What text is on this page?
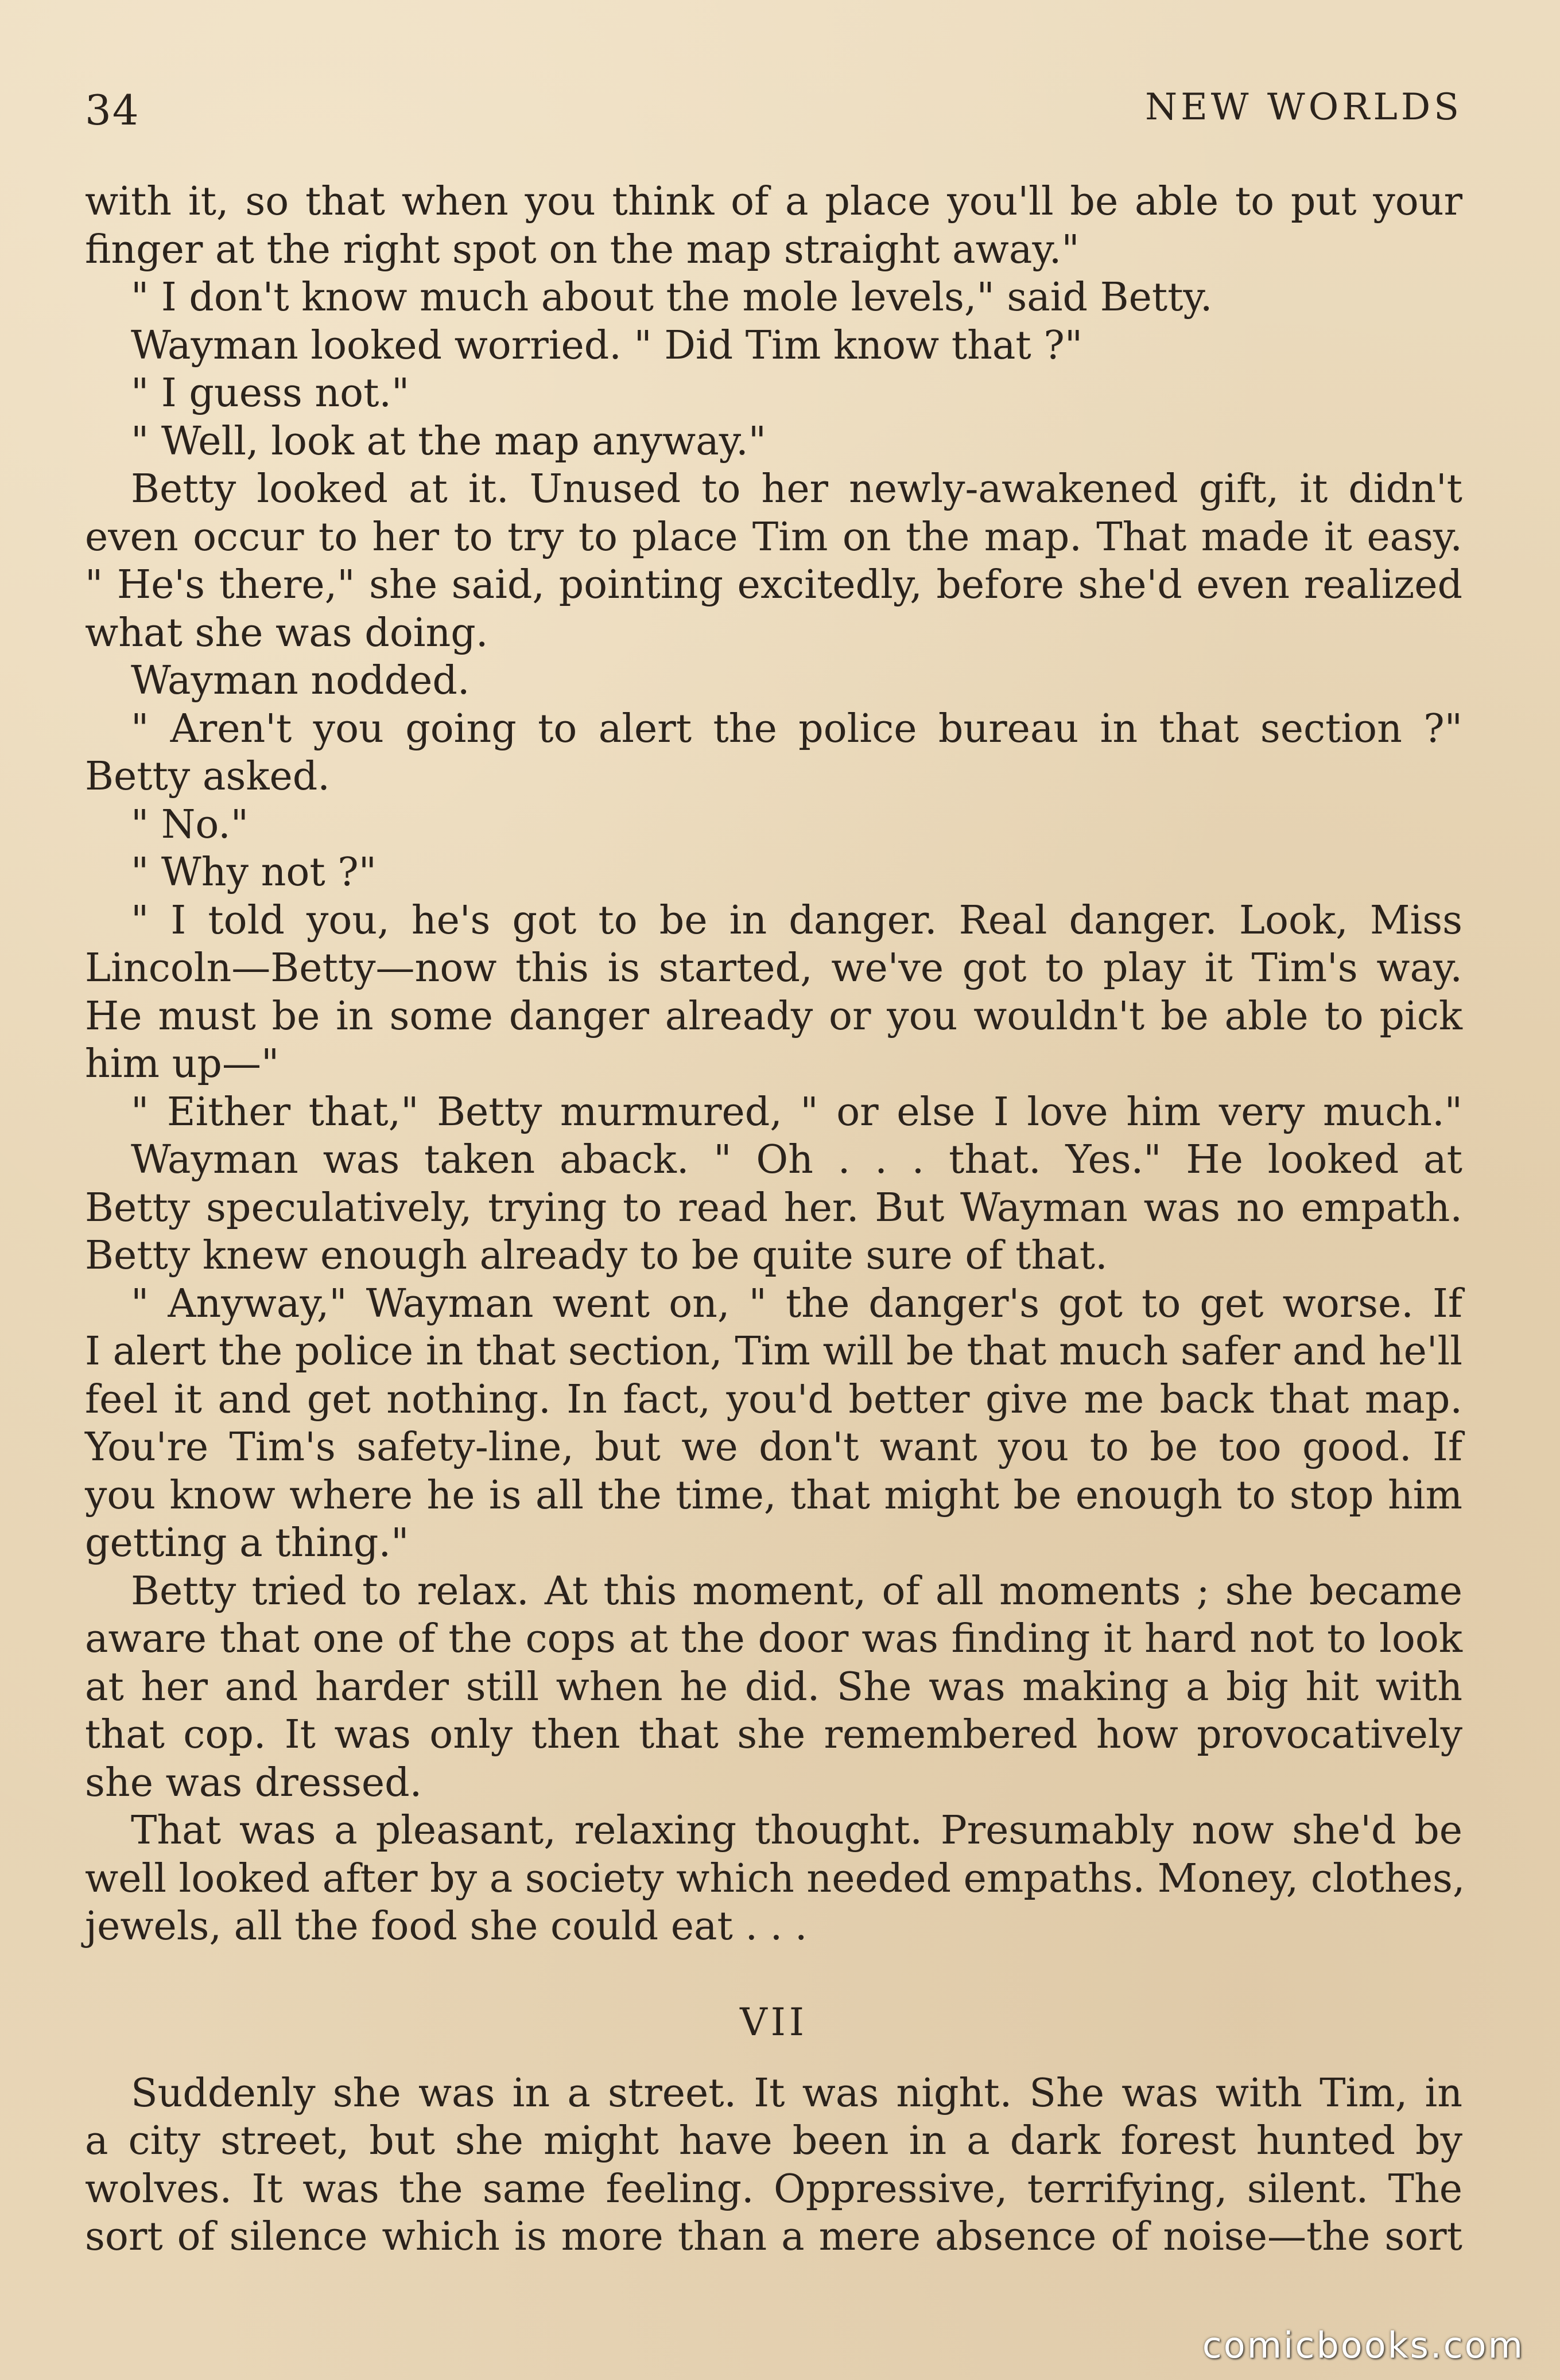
34	NEW WORLDS
with it, so that when you think of a place you'll be able to put your
finger at the right spot on the map straight away."
" I don't know much about the mole levels," said Betty.
Wayman looked worried. " Did Tim know that ?"
" I guess not."
" Well, look at the map anyway."
Betty looked at it. Unused to her newly-awakened gift, it didn't
even occur to her to try to place Tim on the map. That made it easy.
" He's there," she said, pointing excitedly, before she'd even realized
what she was doing.
Wayman nodded.
" Aren't you going to alert the police bureau in that section ?"
Betty asked.
" No."
" Why not ?"
" I told you, he's got to be in danger. Real danger. Look, Miss
Lincoln—Betty—now this is started, we've got to play it Tim's way.
He must be in some danger already or you wouldn't be able to pick
him up—"
" Either that," Betty murmured, " or else I love him very much."
Wayman was taken aback. " Oh . . . that. Yes." He looked at
Betty speculatively, trying to read her. But Wayman was no empath.
Betty knew enough already to be quite sure of that.
" Anyway," Wayman went on, " the danger's got to get worse. If
I alert the police in that section, Tim will be that much safer and he'll
feel it and get nothing. In fact, you'd better give me back that map.
You're Tim's safety-line, but we don't want you to be too good. If
you know where he is all the time, that might be enough to stop him
getting a thing."
Betty tried to relax. At this moment, of all moments ; she became
aware that one of the cops at the door was finding it hard not to look
at her and harder still when he did. She was making a big hit with
that cop. It was only then that she remembered how provocatively
she was dressed.
That was a pleasant, relaxing thought. Presumably now she'd be
well looked after by a society which needed empaths. Money, clothes,
jewels, all the food she could eat . . .
VII
Suddenly she was in a street. It was night. She was with Tim, in
a city street, but she might have been in a dark forest hunted by
wolves. It was the same feeling. Oppressive, terrifying, silent. The
sort of silence which is more than a mere absence of noise—the sort
comicbooks.com
